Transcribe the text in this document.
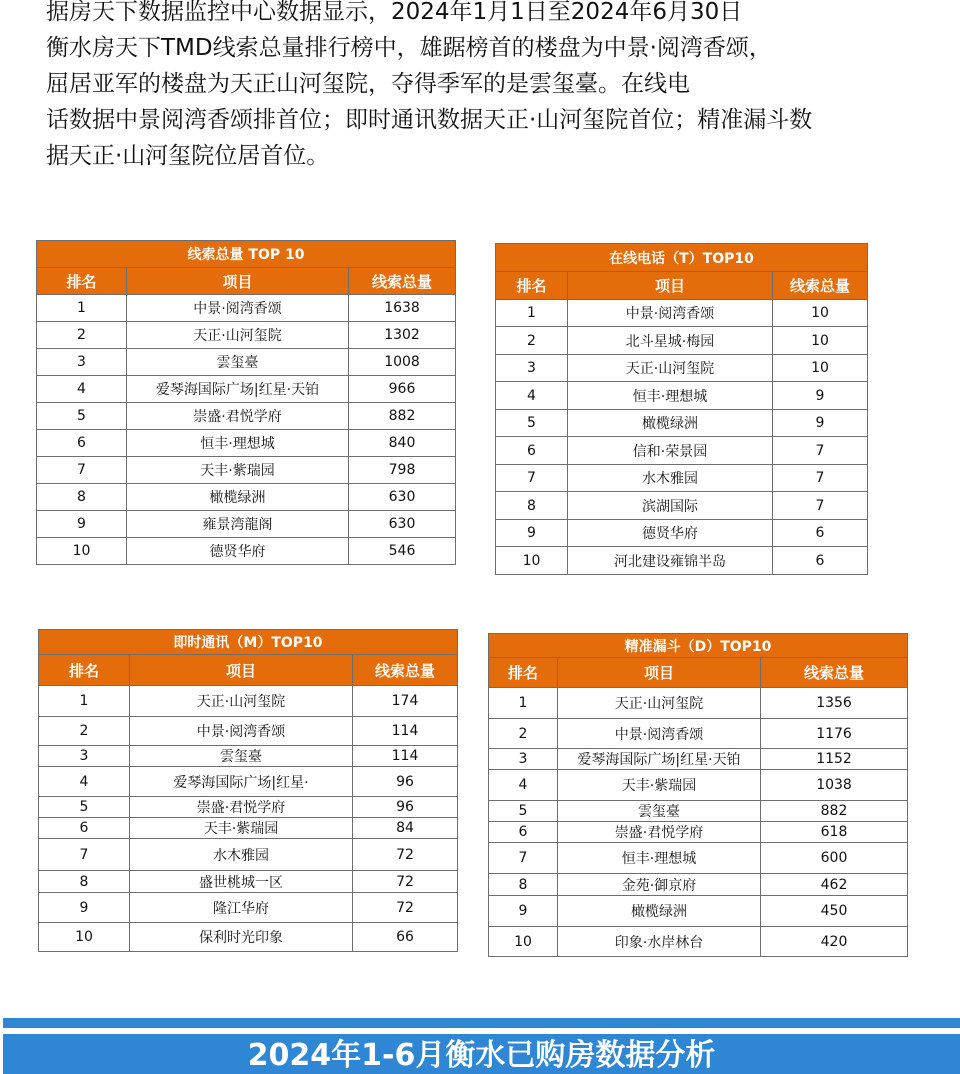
据房天下数据监控中心数据显示，2024年1月1日至2024年6月30日
衡水房天下TMD线索总量排行榜中，雄踞榜首的楼盘为中景·阅湾香颂，
屈居亚军的楼盘为天正山河玺院，夺得季军的是雲玺臺。在线电
话数据中景阅湾香颂排首位；即时通讯数据天正·山河玺院首位；精准漏斗数
据天正·山河玺院位居首位。
线索总量 TOP 10		
排名	项目	线索总量
1	中景·阅湾香颂	1638
2	天正·山河玺院	1302
3	雲玺臺	1008
4	爱琴海国际广场|红星·天铂	966
5	崇盛·君悦学府	882
6	恒丰·理想城	840
7	天丰·紫瑞园	798
8	橄榄绿洲	630
9	雍景湾龍阁	630
10	德贤华府	546
在线电话（T）TOP10		
排名	项目	线索总量
1	中景·阅湾香颂	10
2	北斗星城·梅园	10
3	天正·山河玺院	10
4	恒丰·理想城	9
5	橄榄绿洲	9
6	信和·荣景园	7
7	水木雅园	7
8	滨湖国际	7
9	德贤华府	6
10	河北建设雍锦半岛	6
即时通讯（M）TOP10		
排名	项目	线索总量
1	天正·山河玺院	174
2	中景·阅湾香颂	114
3	雲玺臺	114
4	爱琴海国际广场|红星·	96
5	崇盛·君悦学府	96
6	天丰·紫瑞园	84
7	水木雅园	72
8	盛世桃城一区	72
9	隆江华府	72
10	保利时光印象	66
精准漏斗（D）TOP10		
排名	项目	线索总量
1	天正·山河玺院	1356
2	中景·阅湾香颂	1176
3	爱琴海国际广场|红星·天铂	1152
4	天丰·紫瑞园	1038
5	雲玺臺	882
6	崇盛·君悦学府	618
7	恒丰·理想城	600
8	金苑·御京府	462
9	橄榄绿洲	450
10	印象·水岸林台	420
2024年1-6月衡水已购房数据分析
